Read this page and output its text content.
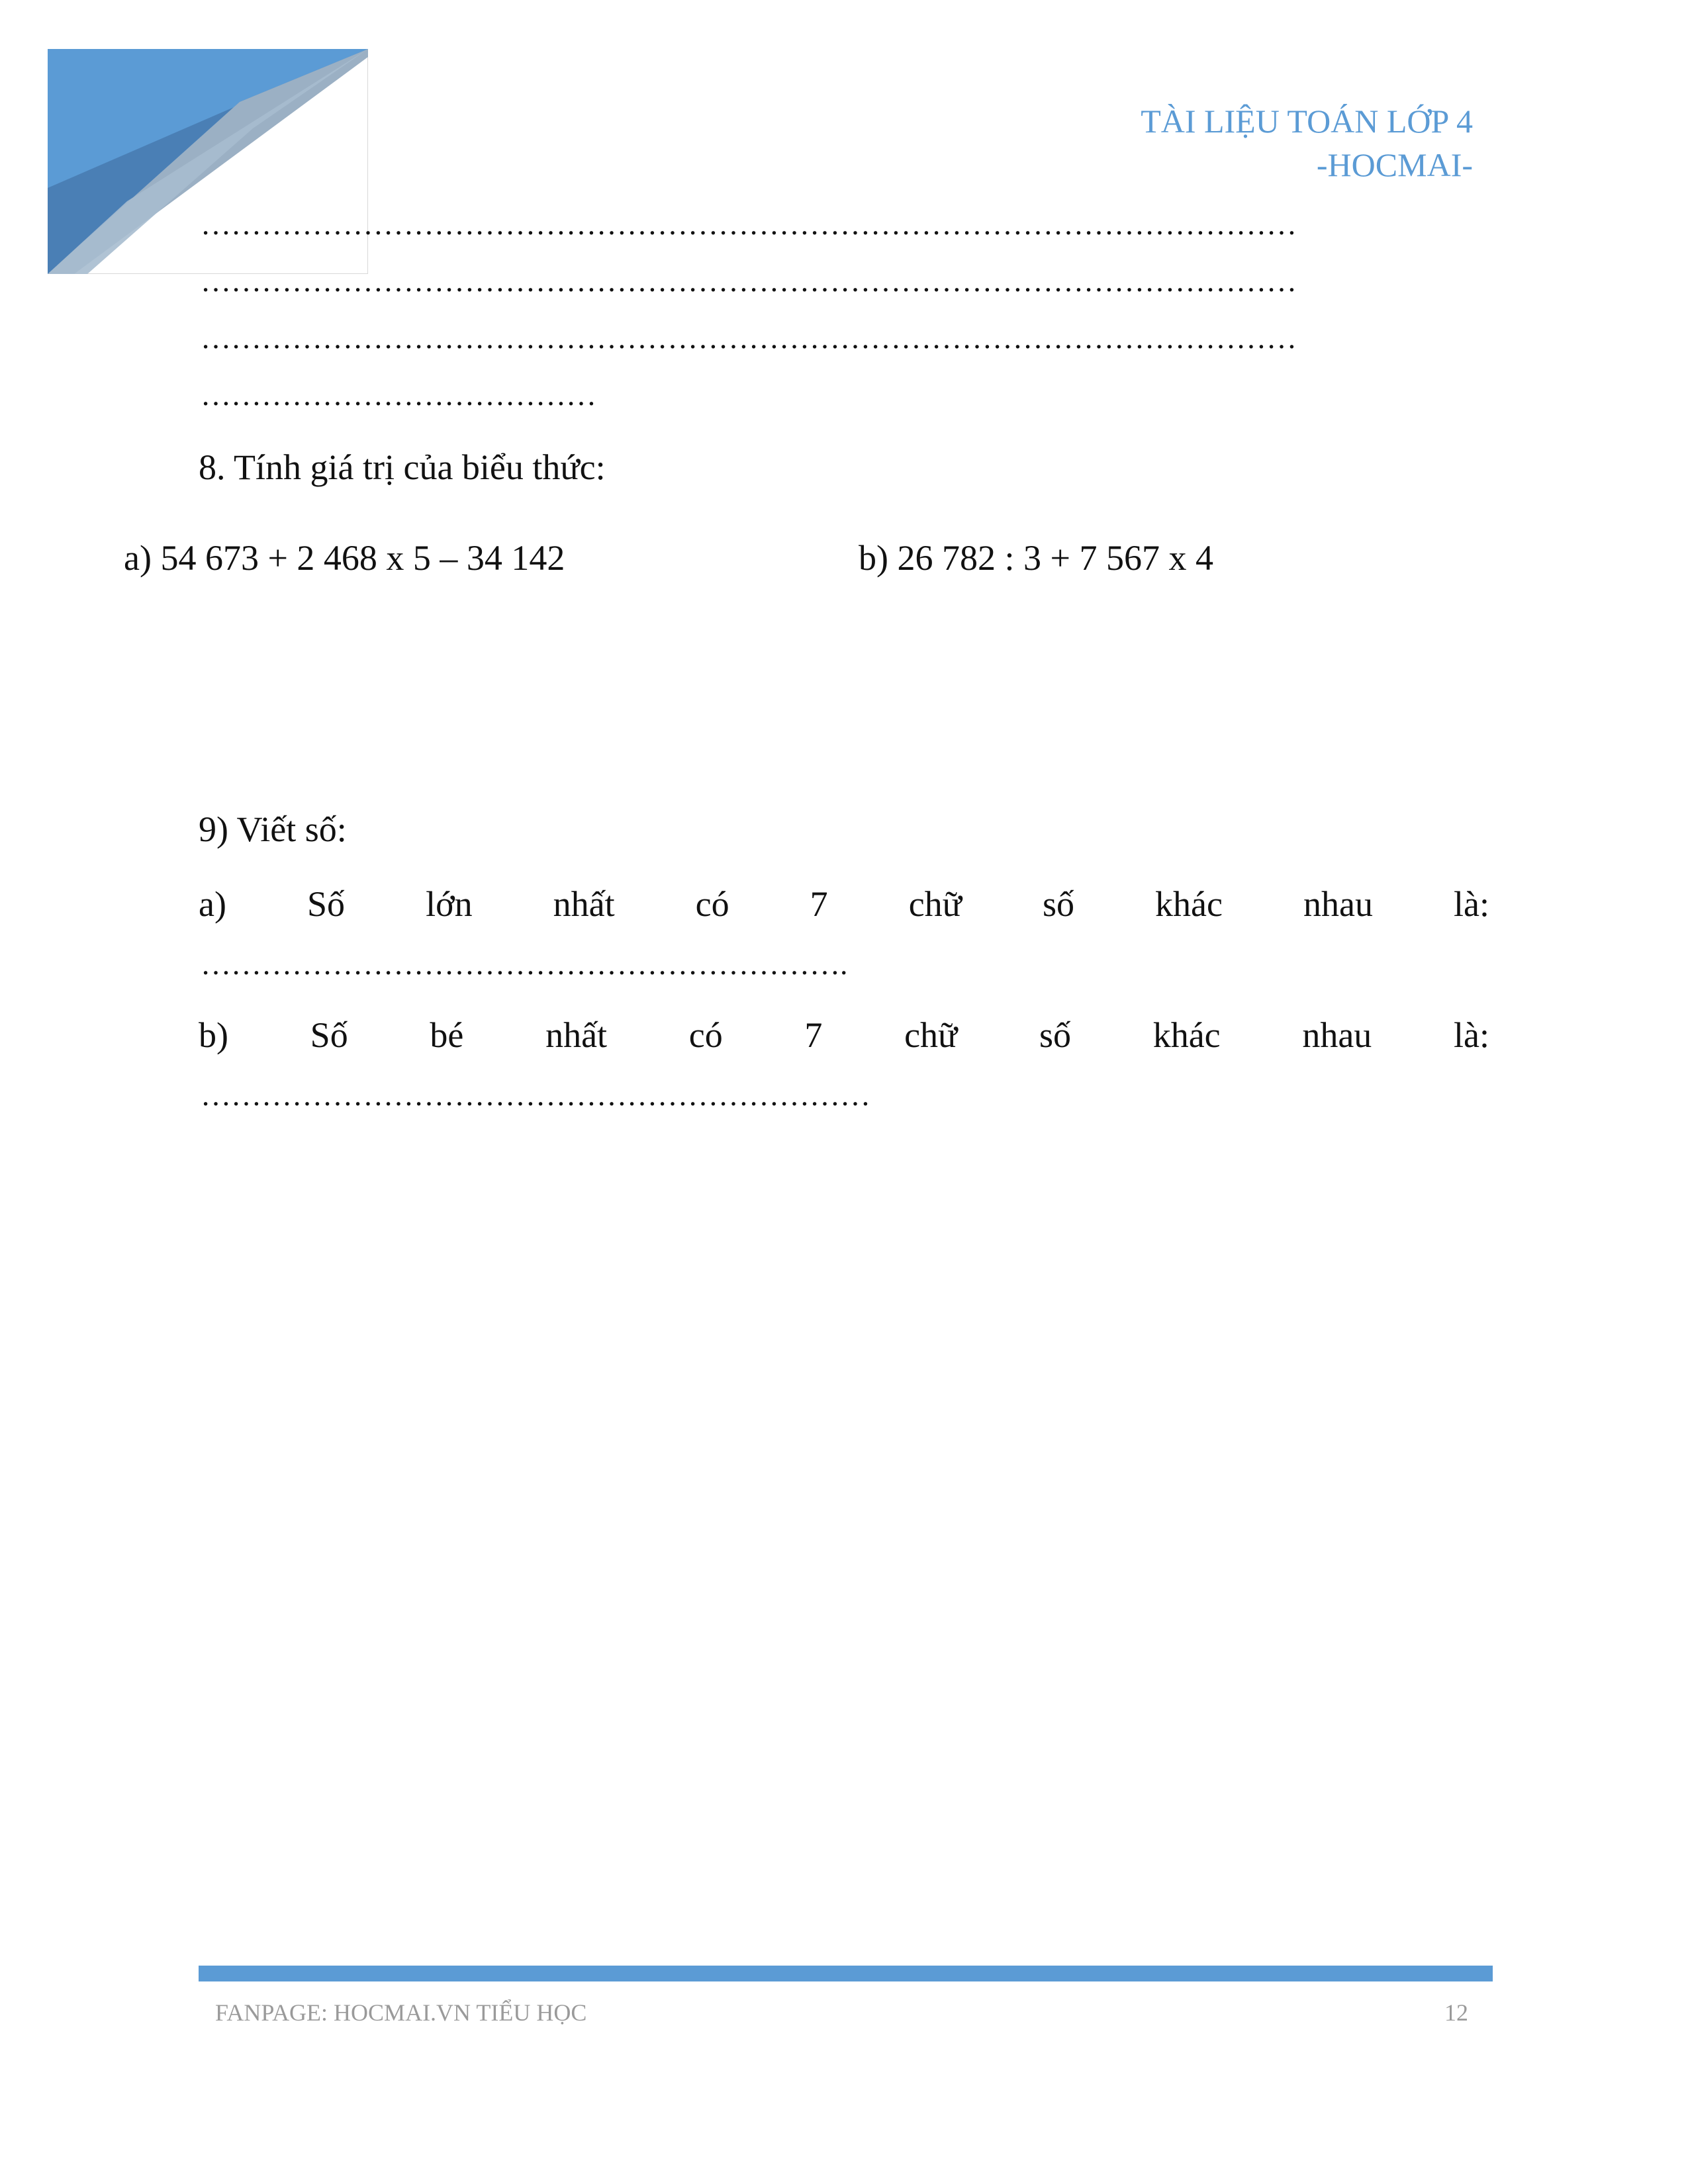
TÀI LIỆU TOÁN LỚP 4
-HOCMAI-
………………………………………………………………………………………………
………………………………………………………………………………………………
………………………………………………………………………………………………
…………………………………
8. Tính giá trị của biểu thức:
a) 54 673 + 2 468 x 5 – 34 142	b) 26 782 : 3 + 7 567 x 4
9) Viết số:
a) Số lớn nhất có 7 chữ số khác nhau là:
……………………………………………………….
b) Số bé nhất có 7 chữ số khác nhau là:
…………………………………………………………
FANPAGE: HOCMAI.VN TIỂU HỌC	12
